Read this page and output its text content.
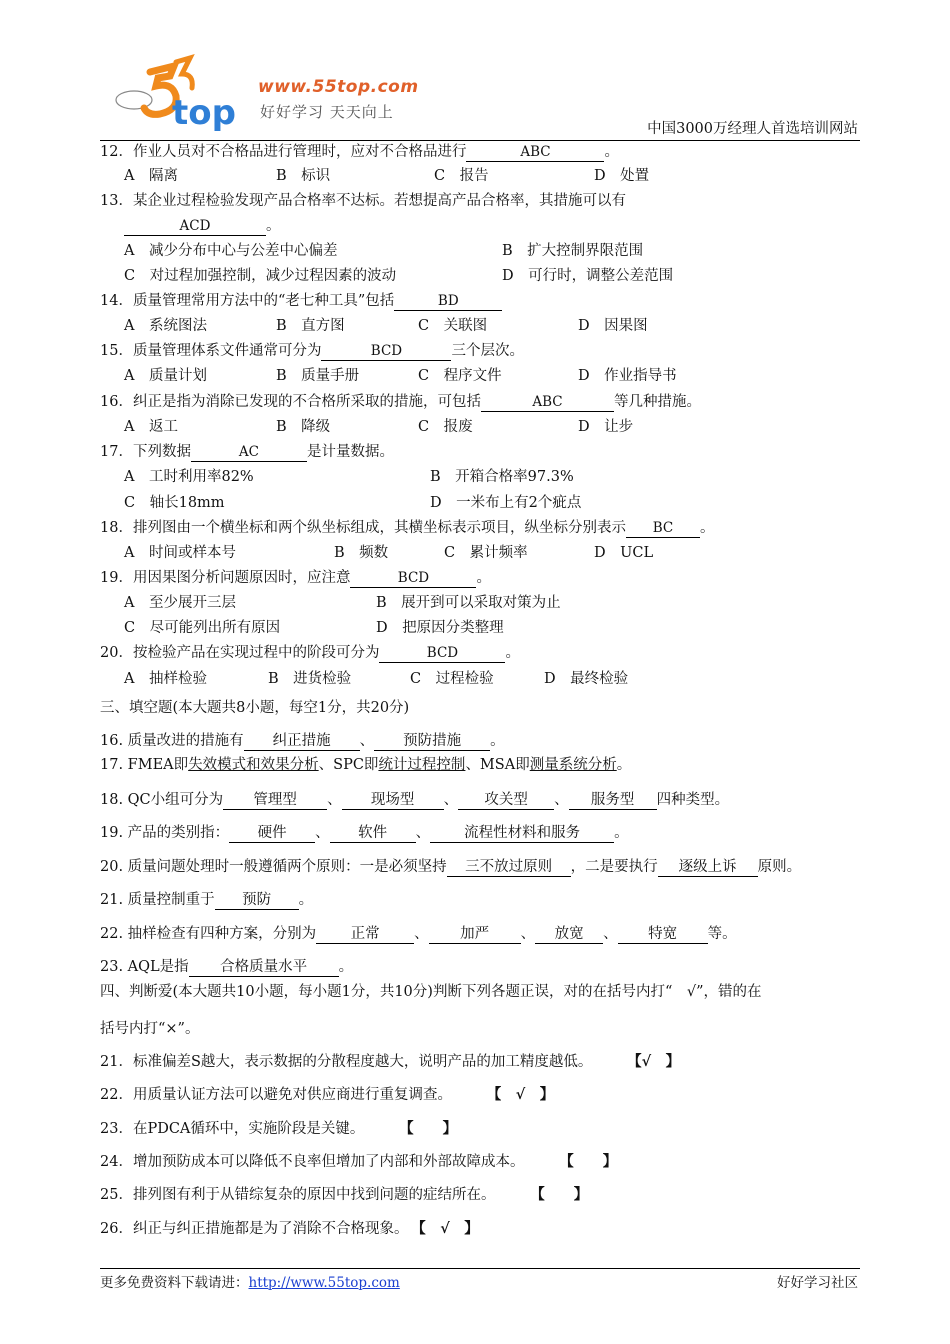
top
www.55top.com
好好学习 天天向上
中国3000万经理人首选培训网站
12．作业人员对不合格品进行管理时，应对不合格品进行	ABC	。
A　隔离	B　标识	C　报告	D　处置
13．某企业过程检验发现产品合格率不达标。若想提高产品合格率，其措施可以有
ACD	。
A　减少分布中心与公差中心偏差	B　扩大控制界限范围
C　对过程加强控制，减少过程因素的波动	D　可行时，调整公差范围
14．质量管理常用方法中的“老七种工具”包括	BD
A　系统图法	B　直方图	C　关联图	D　因果图
15．质量管理体系文件通常可分为	BCD	三个层次。
A　质量计划	B　质量手册	C　程序文件	D　作业指导书
16．纠正是指为消除已发现的不合格所采取的措施，可包括	ABC	等几种措施。
A　返工	B　降级	C　报废	D　让步
17．下列数据	AC	是计量数据。
A　工时利用率82%	B　开箱合格率97.3%
C　轴长18mm	D　一米布上有2个疵点
18．排列图由一个横坐标和两个纵坐标组成，其横坐标表示项目，纵坐标分别表示 BC 。
A　时间或样本号	B　频数	C　累计频率	D　UCL
19．用因果图分析问题原因时，应注意	BCD	。
A　至少展开三层	B　展开到可以采取对策为止
C　尽可能列出所有原因	D　把原因分类整理
20．按检验产品在实现过程中的阶段可分为	BCD	。
A　抽样检验	B　进货检验	C　过程检验	D　最终检验
三、填空题(本大题共8小题，每空1分，共20分)
16. 质量改进的措施有 纠正措施 、 预防措施 。
17. FMEA即失效模式和效果分析、SPC即统计过程控制、MSA即测量系统分析。
18. QC小组可分为 管理型 、 现场型 、 攻关型 、 服务型 四种类型。
19. 产品的类别指： 硬件 、 软件 、 流程性材料和服务 。
20. 质量问题处理时一般遵循两个原则：一是必须坚持 三不放过原则 ，二是要执行 逐级上诉 原则。
21. 质量控制重于 预防 。
22. 抽样检查有四种方案，分别为 正常 、 加严 、 放宽 、 特宽 等。
23. AQL是指 合格质量水平 。
四、判断爱(本大题共10小题，每小题1分，共10分)判断下列各题正误，对的在括号内打“　√”，错的在
括号内打“×”。
21．标准偏差S越大，表示数据的分散程度越大，说明产品的加工精度越低。	【√　】
22．用质量认证方法可以避免对供应商进行重复调查。	【　√　】
23．在PDCA循环中，实施阶段是关键。	【　　】
24．增加预防成本可以降低不良率但增加了内部和外部故障成本。	【　　】
25．排列图有利于从错综复杂的原因中找到问题的症结所在。	【　　】
26．纠正与纠正措施都是为了消除不合格现象。 【　√　】
更多免费资料下载请进：http://www.55top.com	好好学习社区
